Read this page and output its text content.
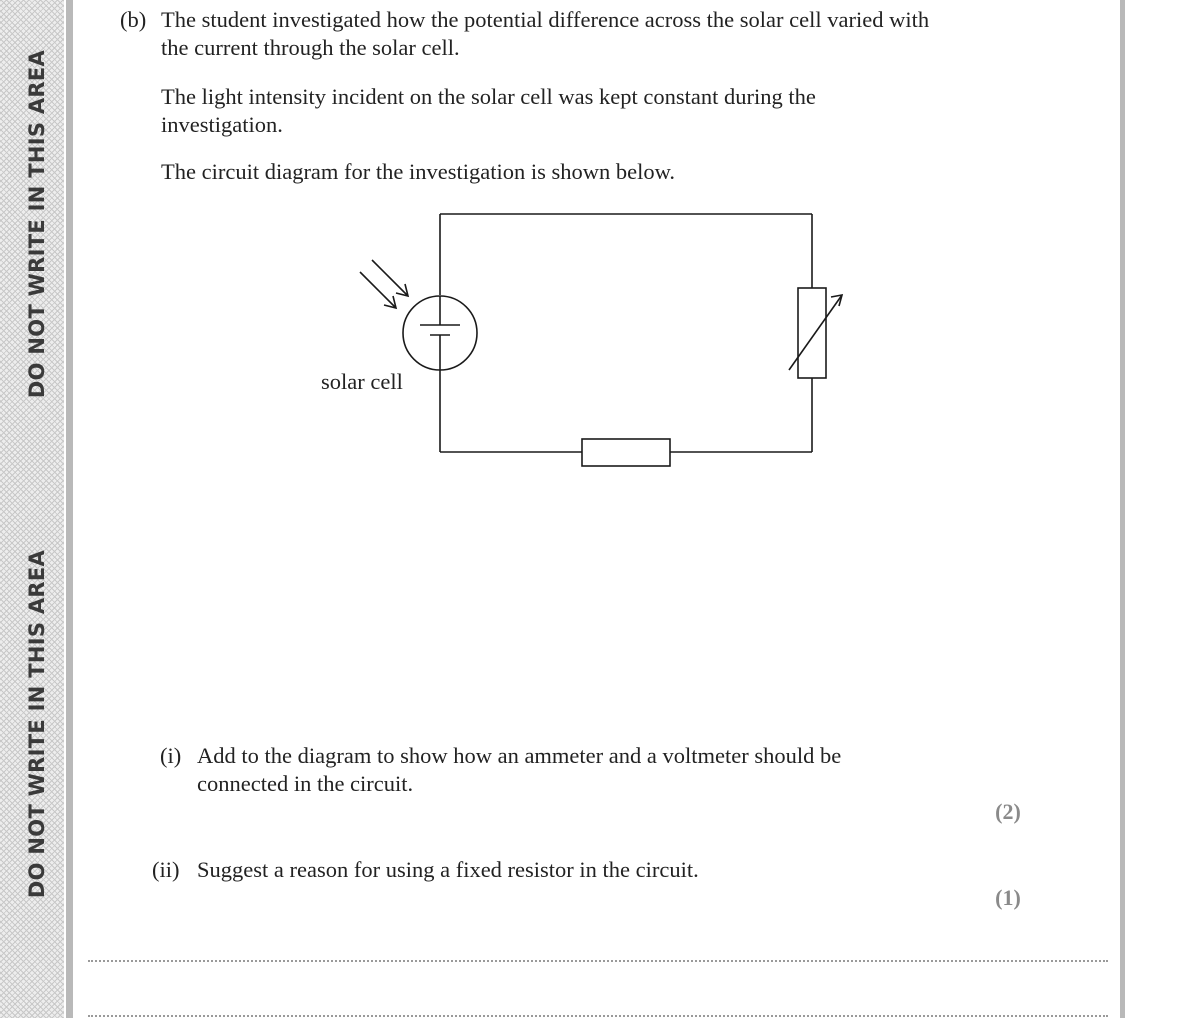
DO NOT WRITE IN THIS AREA
DO NOT WRITE IN THIS AREA

(b) The student investigated how the potential difference across the solar cell varied with the current through the solar cell.

The light intensity incident on the solar cell was kept constant during the investigation.

The circuit diagram for the investigation is shown below.

solar cell

(i) Add to the diagram to show how an ammeter and a voltmeter should be connected in the circuit.

(2)

(ii) Suggest a reason for using a fixed resistor in the circuit.

(1)
